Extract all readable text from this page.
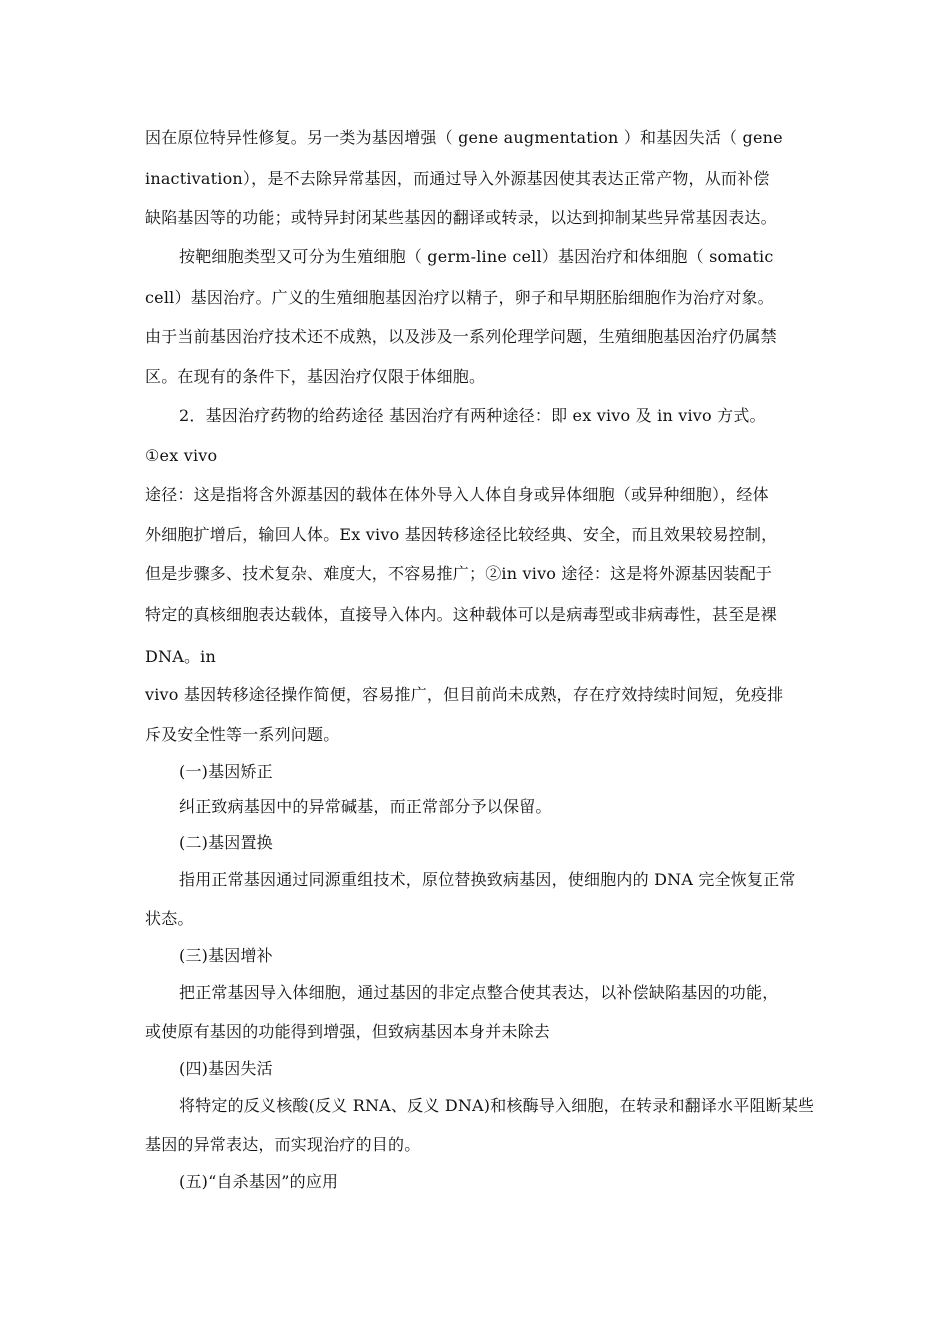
因在原位特异性修复。另一类为基因增强（ gene augmentation ）和基因失活（ gene
inactivation），是不去除异常基因，而通过导入外源基因使其表达正常产物，从而补偿
缺陷基因等的功能；或特异封闭某些基因的翻译或转录，以达到抑制某些异常基因表达。
按靶细胞类型又可分为生殖细胞（ germ-line cell）基因治疗和体细胞（ somatic
cell）基因治疗。广义的生殖细胞基因治疗以精子，卵子和早期胚胎细胞作为治疗对象。
由于当前基因治疗技术还不成熟，以及涉及一系列伦理学问题，生殖细胞基因治疗仍属禁
区。在现有的条件下，基因治疗仅限于体细胞。
2．基因治疗药物的给药途径 基因治疗有两种途径：即 ex vivo 及 in vivo 方式。
①ex vivo
途径：这是指将含外源基因的载体在体外导入人体自身或异体细胞（或异种细胞），经体
外细胞扩增后，输回人体。Ex vivo 基因转移途径比较经典、安全，而且效果较易控制，
但是步骤多、技术复杂、难度大，不容易推广；②in vivo 途径：这是将外源基因装配于
特定的真核细胞表达载体，直接导入体内。这种载体可以是病毒型或非病毒性，甚至是裸
DNA。in
vivo 基因转移途径操作简便，容易推广，但目前尚未成熟，存在疗效持续时间短，免疫排
斥及安全性等一系列问题。
(一)基因矫正
纠正致病基因中的异常碱基，而正常部分予以保留。
(二)基因置换
指用正常基因通过同源重组技术，原位替换致病基因，使细胞内的 DNA 完全恢复正常
状态。
(三)基因增补
把正常基因导入体细胞，通过基因的非定点整合使其表达，以补偿缺陷基因的功能，
或使原有基因的功能得到增强，但致病基因本身并未除去
(四)基因失活
将特定的反义核酸(反义 RNA、反义 DNA)和核酶导入细胞，在转录和翻译水平阻断某些
基因的异常表达，而实现治疗的目的。
(五)“自杀基因”的应用
